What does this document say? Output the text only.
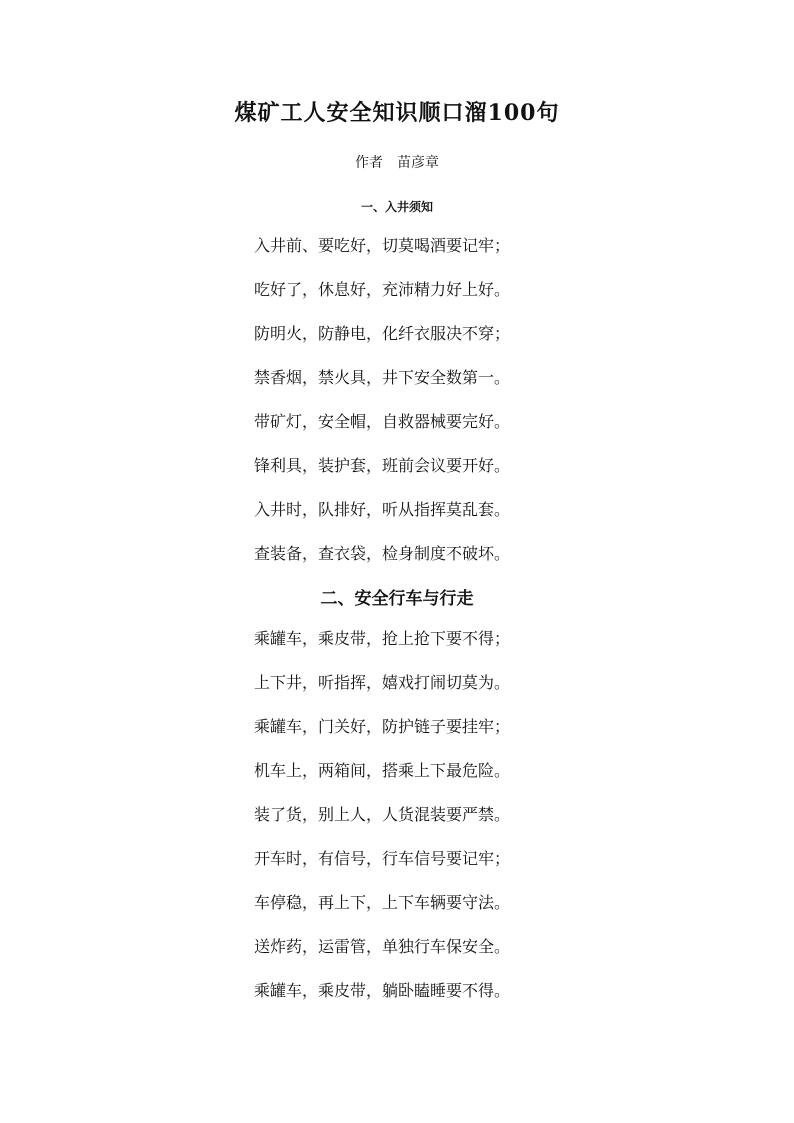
煤矿工人安全知识顺口溜100句
作者　苗彦章
一、入井须知
入井前、要吃好，切莫喝酒要记牢；
吃好了，休息好，充沛精力好上好。
防明火，防静电，化纤衣服决不穿；
禁香烟，禁火具，井下安全数第一。
带矿灯，安全帽，自救器械要完好。
锋利具，装护套，班前会议要开好。
入井时，队排好，听从指挥莫乱套。
查装备，查衣袋，检身制度不破坏。
二、安全行车与行走
乘罐车，乘皮带，抢上抢下要不得；
上下井，听指挥，嬉戏打闹切莫为。
乘罐车，门关好，防护链子要挂牢；
机车上，两箱间，搭乘上下最危险。
装了货，别上人，人货混装要严禁。
开车时，有信号，行车信号要记牢；
车停稳，再上下，上下车辆要守法。
送炸药，运雷管，单独行车保安全。
乘罐车，乘皮带，躺卧瞌睡要不得。
